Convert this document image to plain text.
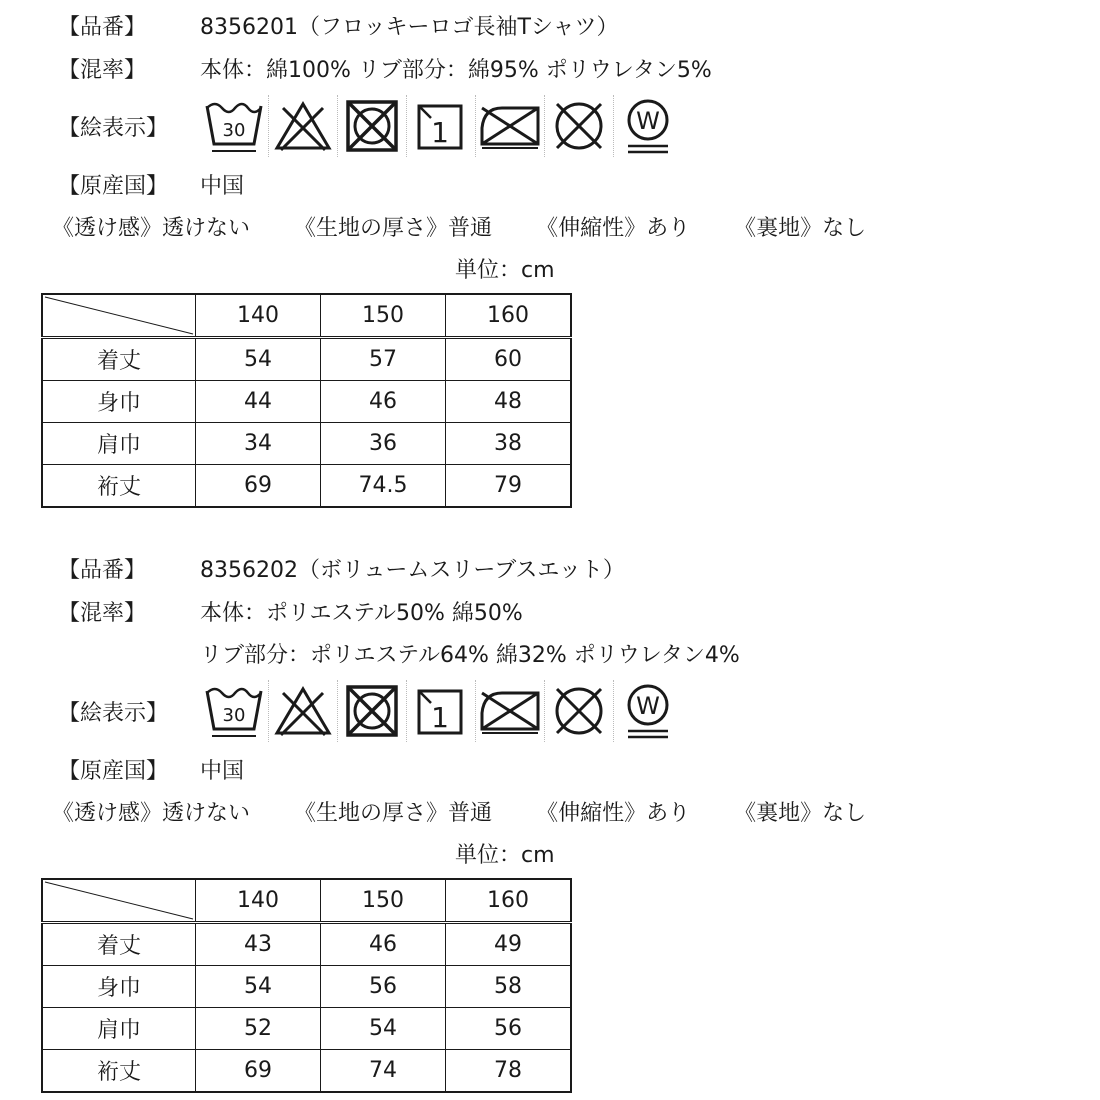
【品番】 8356201（フロッキーロゴ長袖Tシャツ）
【混率】 本体：綿100% リブ部分：綿95% ポリウレタン5%
【絵表示】	30	1	W
【原産国】 中国
《透け感》透けない 《生地の厚さ》普通 《伸縮性》あり 《裏地》なし
単位：cm
	140	150	160
着丈	54	57	60
身巾	44	46	48
肩巾	34	36	38
裄丈	69	74.5	79
【品番】 8356202（ボリュームスリーブスエット）
【混率】 本体：ポリエステル50% 綿50%
リブ部分：ポリエステル64% 綿32% ポリウレタン4%
【絵表示】	30	1	W
【原産国】 中国
《透け感》透けない 《生地の厚さ》普通 《伸縮性》あり 《裏地》なし
単位：cm
	140	150	160
着丈	43	46	49
身巾	54	56	58
肩巾	52	54	56
裄丈	69	74	78
